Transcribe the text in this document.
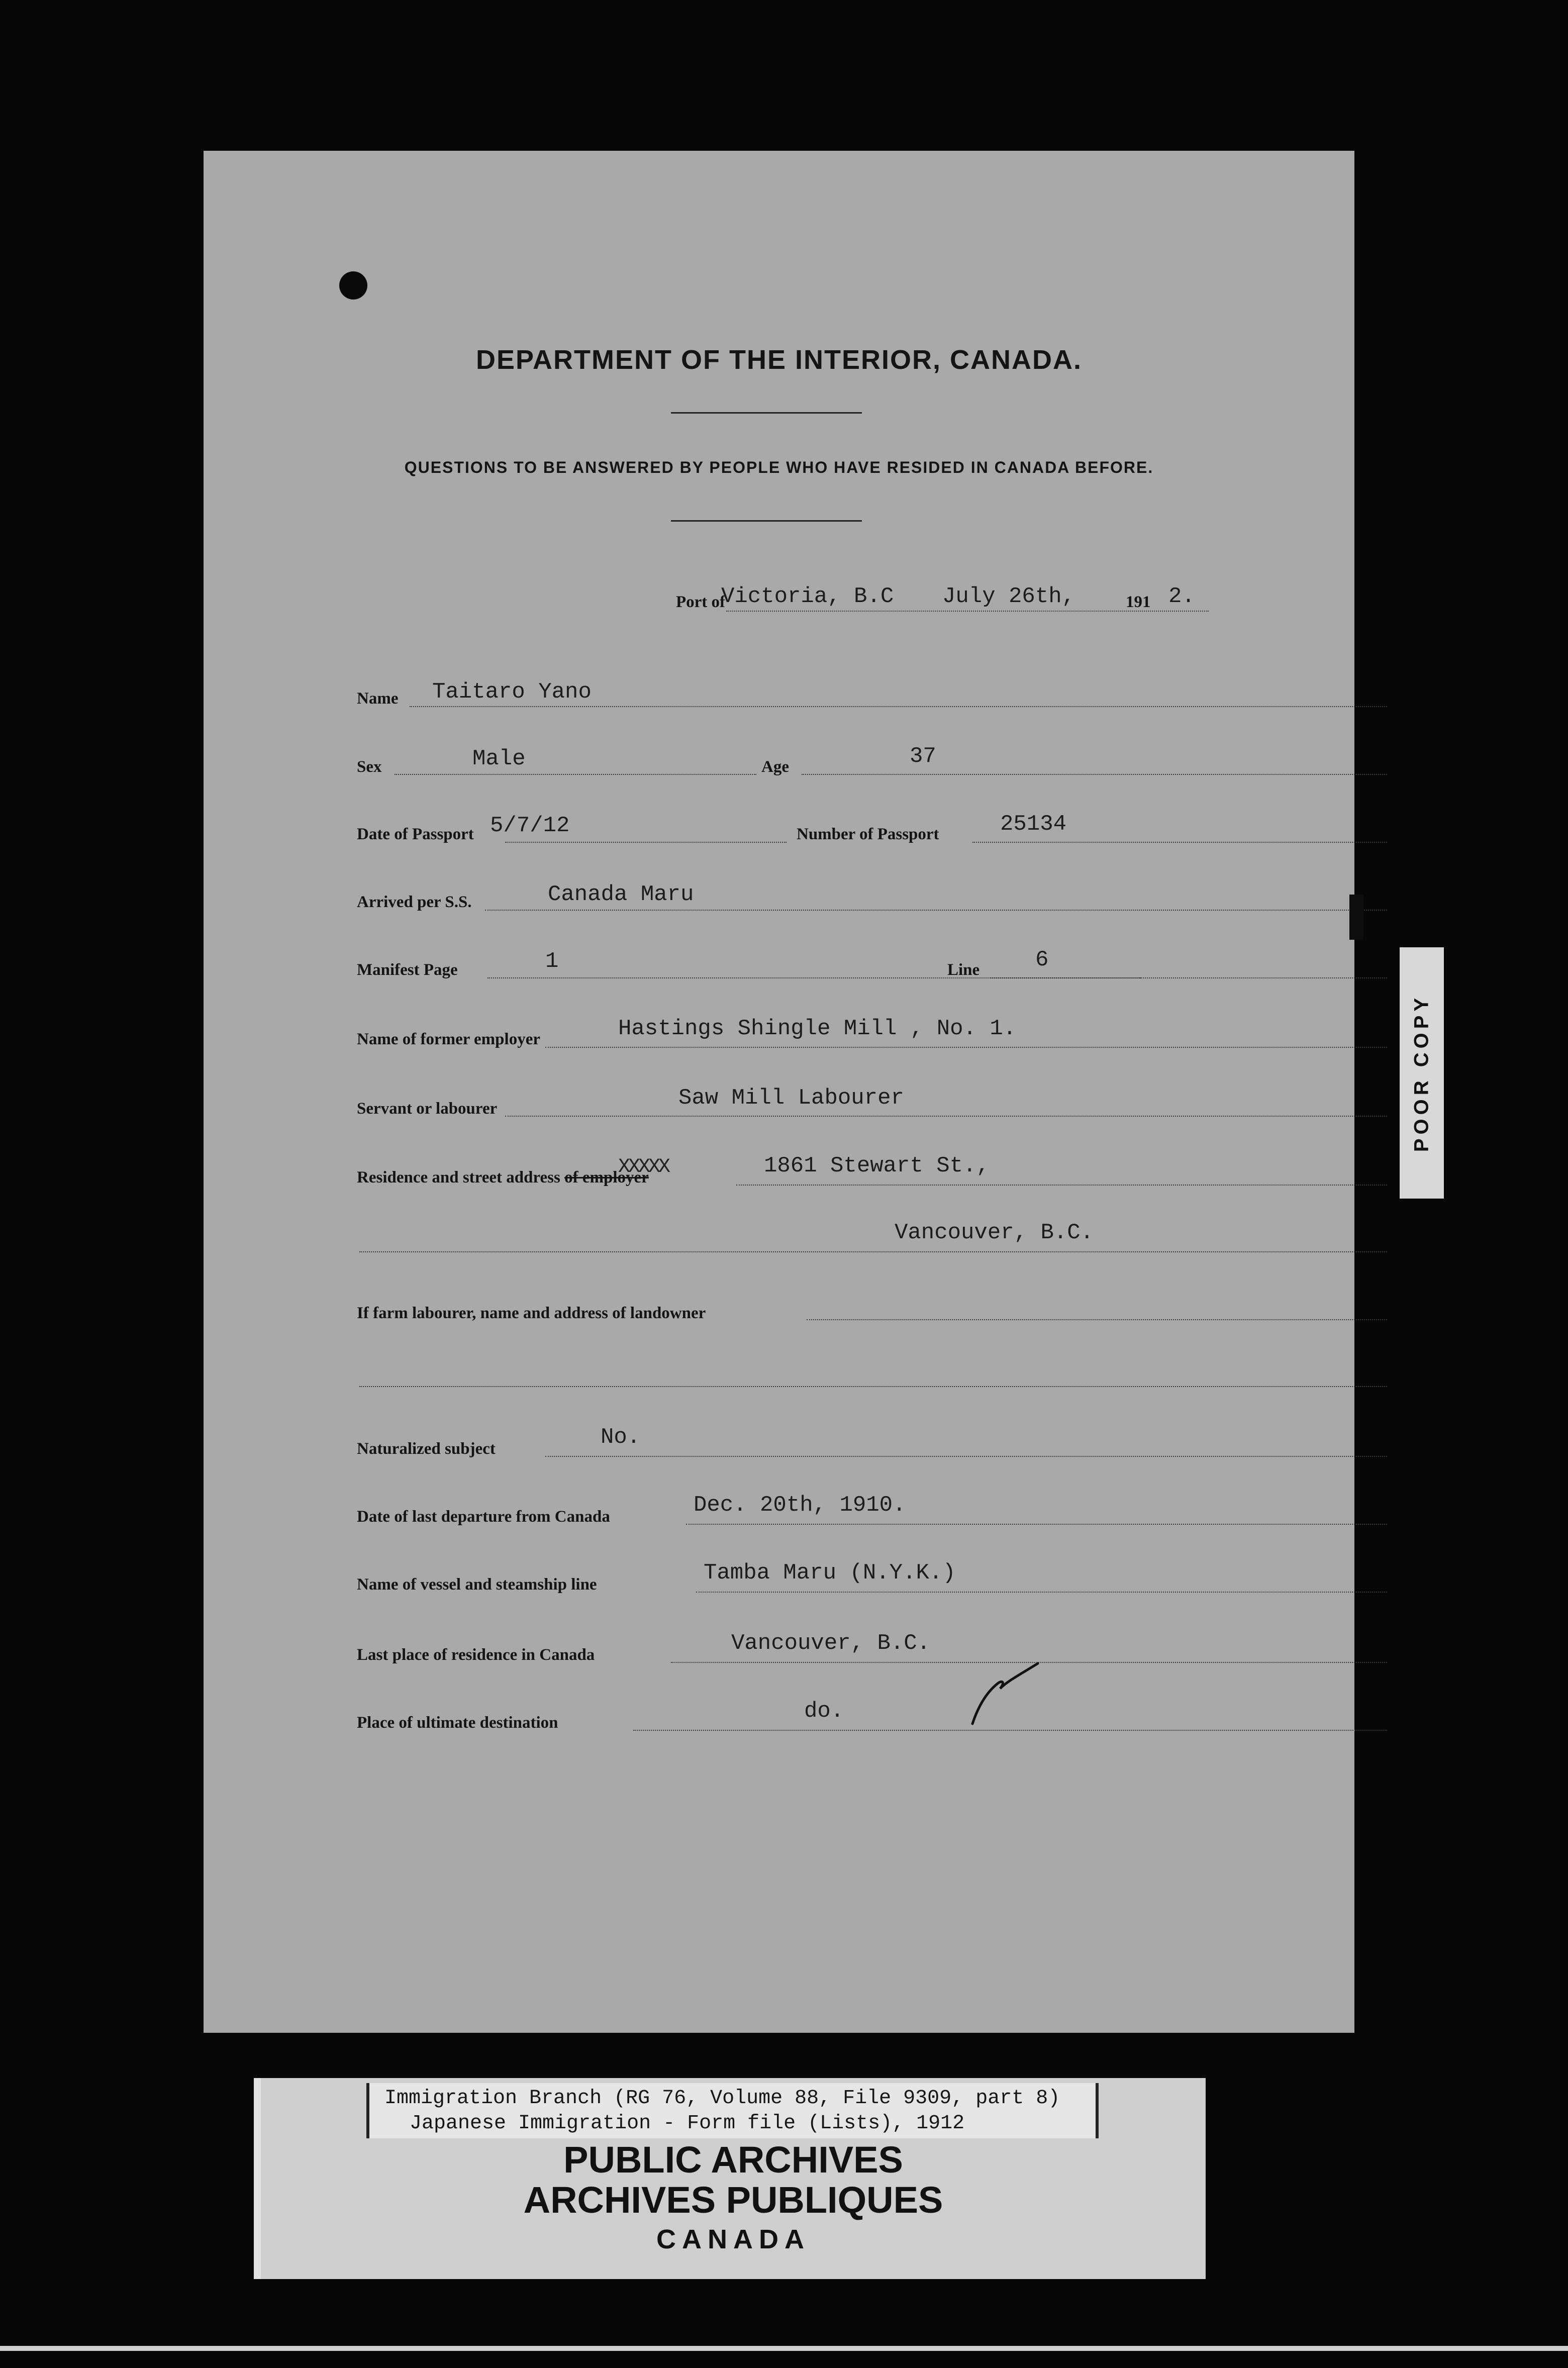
DEPARTMENT OF THE INTERIOR, CANADA.
QUESTIONS TO BE ANSWERED BY PEOPLE WHO HAVE RESIDED IN CANADA BEFORE.
Port of
Victoria, B.C July 26th,	191 2.
Name Taitaro Yano
Sex	Male	Age	37
Date of Passport 5/7/12	Number of Passport	25134
Arrived per S.S.	Canada Maru
Manifest Page	1	Line	6
Name of former employer	Hastings Shingle Mill , No. 1.
Servant or labourer	Saw Mill Labourer
Residence and street address of employer
XXXXX	1861 Stewart St.,
Vancouver, B.C.
If farm labourer, name and address of landowner
Naturalized subject	No.
Date of last departure from Canada	Dec. 20th, 1910.
Name of vessel and steamship line	Tamba Maru (N.Y.K.)
Last place of residence in Canada	Vancouver, B.C.
Place of ultimate destination	do.
POOR COPY
Immigration Branch (RG 76, Volume 88, File 9309, part 8)
Japanese Immigration - Form file (Lists), 1912
PUBLIC ARCHIVES
ARCHIVES PUBLIQUES
CANADA
